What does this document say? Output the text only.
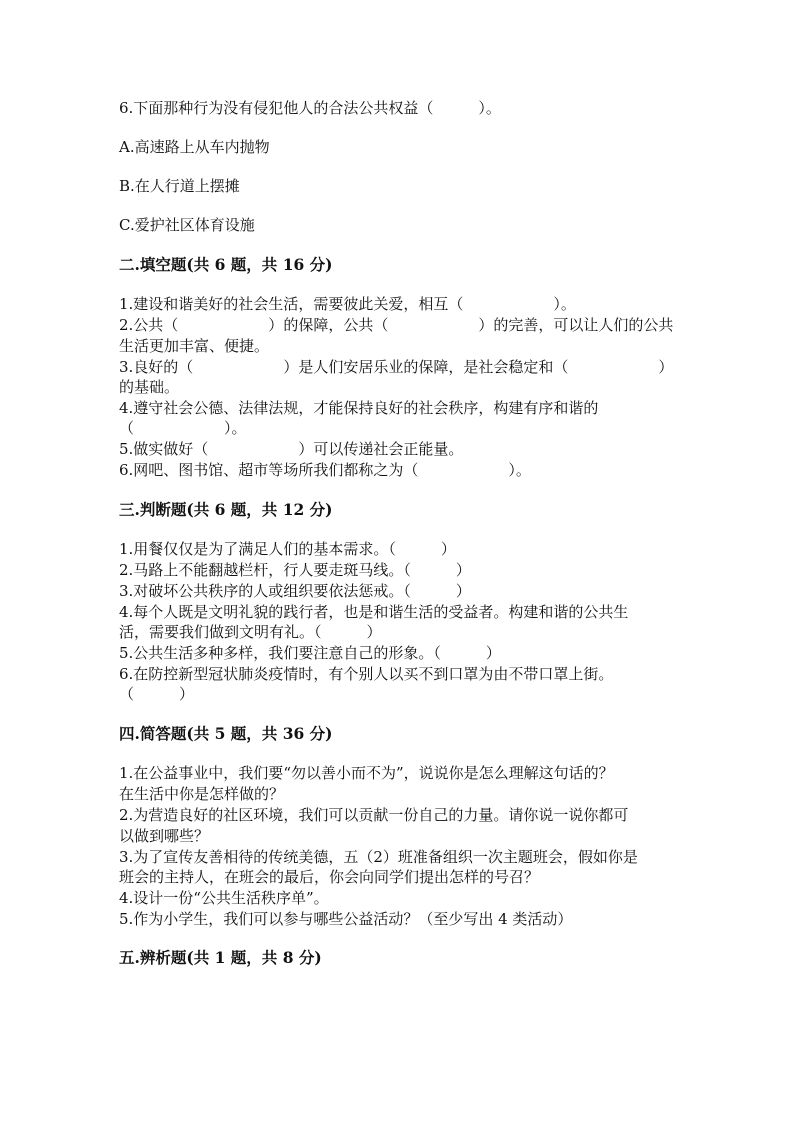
6.下面那种行为没有侵犯他人的合法公共权益（　　　）。
A.高速路上从车内抛物
B.在人行道上摆摊
C.爱护社区体育设施
二.填空题(共 6 题，共 16 分)
1.建设和谐美好的社会生活，需要彼此关爱，相互（　　　　　　）。
2.公共（　　　　　　）的保障，公共（　　　　　　）的完善，可以让人们的公共
生活更加丰富、便捷。
3.良好的（　　　　　　）是人们安居乐业的保障，是社会稳定和（　　　　　　）
的基础。
4.遵守社会公德、法律法规，才能保持良好的社会秩序，构建有序和谐的
（　　　　　　）。
5.做实做好（　　　　　　）可以传递社会正能量。
6.网吧、图书馆、超市等场所我们都称之为（　　　　　　）。
三.判断题(共 6 题，共 12 分)
1.用餐仅仅是为了满足人们的基本需求。（　　　）
2.马路上不能翻越栏杆，行人要走斑马线。（　　　）
3.对破坏公共秩序的人或组织要依法惩戒。（　　　）
4.每个人既是文明礼貌的践行者，也是和谐生活的受益者。构建和谐的公共生
活，需要我们做到文明有礼。（　　　）
5.公共生活多种多样，我们要注意自己的形象。（　　　）
6.在防控新型冠状肺炎疫情时，有个别人以买不到口罩为由不带口罩上街。
（　　　）
四.简答题(共 5 题，共 36 分)
1.在公益事业中，我们要“勿以善小而不为”，说说你是怎么理解这句话的？
在生活中你是怎样做的？
2.为营造良好的社区环境，我们可以贡献一份自己的力量。请你说一说你都可
以做到哪些？
3.为了宣传友善相待的传统美德，五（2）班准备组织一次主题班会，假如你是
班会的主持人，在班会的最后，你会向同学们提出怎样的号召？
4.设计一份“公共生活秩序单”。
5.作为小学生，我们可以参与哪些公益活动？（至少写出 4 类活动）
五.辨析题(共 1 题，共 8 分)
